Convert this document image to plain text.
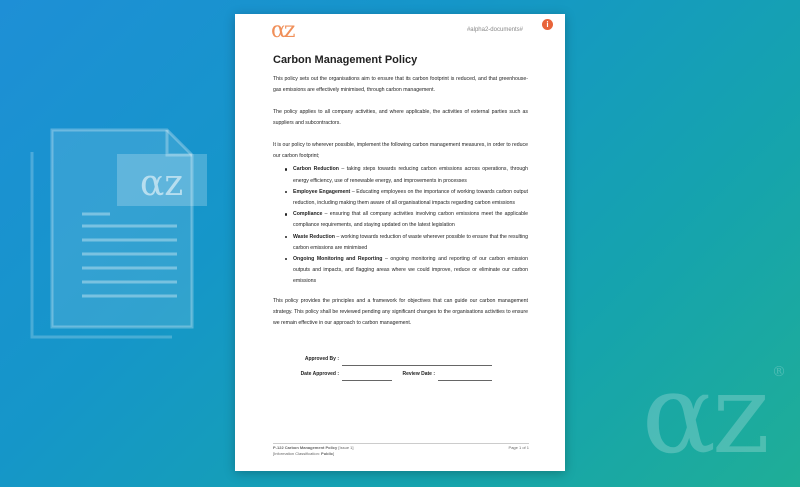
αz
αz ®
αz	#alpha2-documents#
i
Carbon Management Policy

This policy sets out the organisations aim to ensure that its carbon footprint is reduced, and that greenhouse-gas emissions are effectively minimised, through carbon management.

The policy applies to all company activities, and where applicable, the activities of external parties such as suppliers and subcontractors.

It is our policy to wherever possible, implement the following carbon management measures, in order to reduce our carbon footprint;

Carbon Reduction – taking steps towards reducing carbon emissions across operations, through energy efficiency, use of renewable energy, and improvements in processes
Employee Engagement – Educating employees on the importance of working towards carbon output reduction, including making them aware of all organisational impacts regarding carbon emissions
Compliance – ensuring that all company activities involving carbon emissions meet the applicable compliance requirements, and staying updated on the latest legislation
Waste Reduction – working towards reduction of waste wherever possible to ensure that the resulting carbon emissions are minimised
Ongoing Monitoring and Reporting – ongoing monitoring and reporting of our carbon emission outputs and impacts, and flagging areas where we could improve, reduce or eliminate our carbon emissions

This policy provides the principles and a framework for objectives that can guide our carbon management strategy. This policy shall be reviewed pending any significant changes to the organisations activities to ensure we remain effective in our approach to carbon management.

Approved By :
Date Approved :	Review Date :
P-122 Carbon Management Policy [Issue 1]
[Information Classification: Public]
Page 1 of 1
